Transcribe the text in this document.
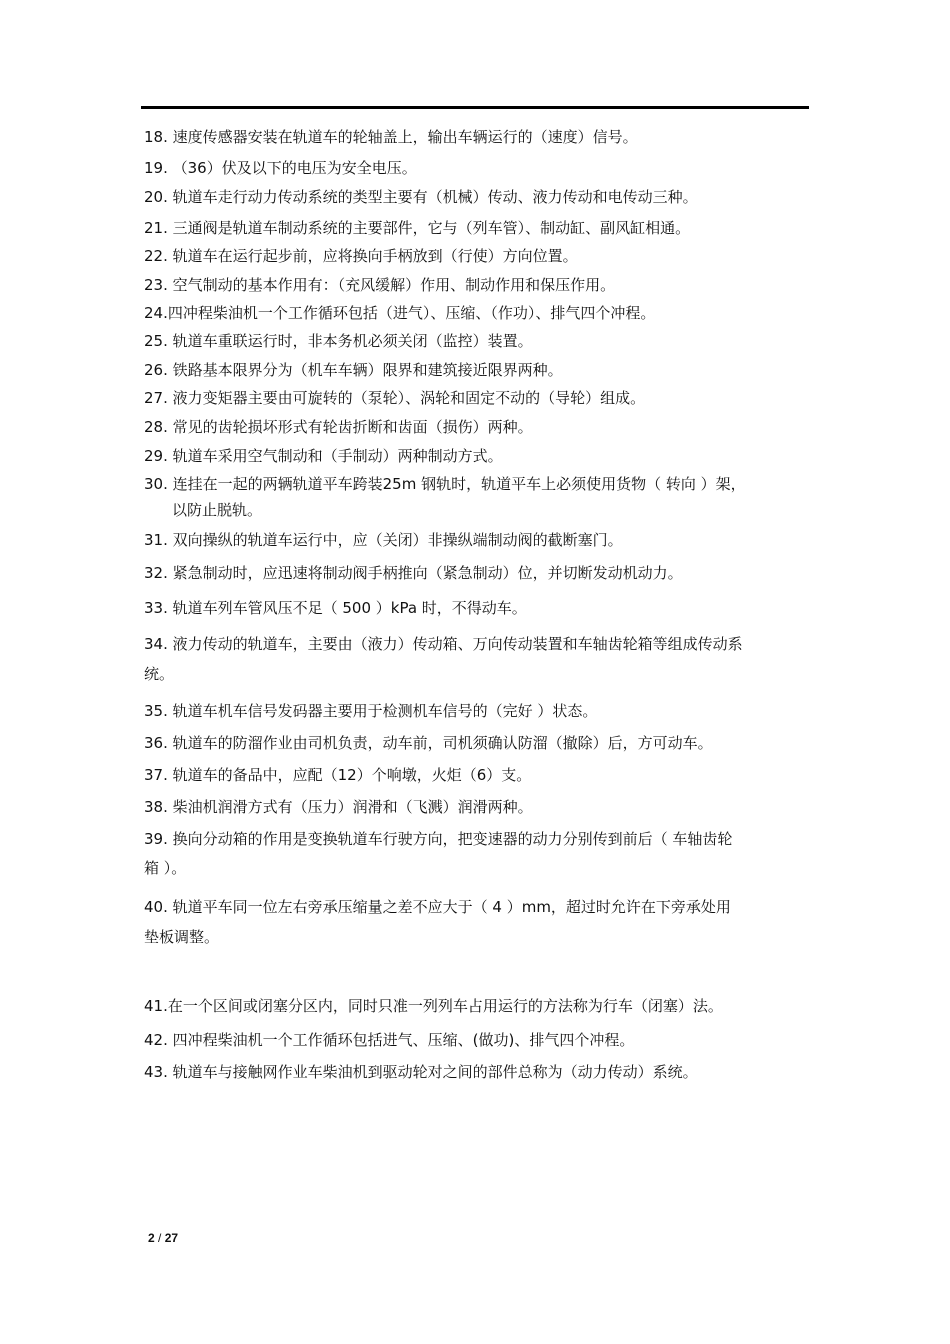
18. 速度传感器安装在轨道车的轮轴盖上，输出车辆运行的（速度）信号。
19. （36）伏及以下的电压为安全电压。
20. 轨道车走行动力传动系统的类型主要有（机械）传动、液力传动和电传动三种。
21. 三通阀是轨道车制动系统的主要部件，它与（列车管）、制动缸、副风缸相通。
22. 轨道车在运行起步前，应将换向手柄放到（行使）方向位置。
23. 空气制动的基本作用有：（充风缓解）作用、制动作用和保压作用。
24.四冲程柴油机一个工作循环包括（进气）、压缩、（作功）、排气四个冲程。
25. 轨道车重联运行时，非本务机必须关闭（监控）装置。
26. 铁路基本限界分为（机车车辆）限界和建筑接近限界两种。
27. 液力变矩器主要由可旋转的（泵轮）、涡轮和固定不动的（导轮）组成。
28. 常见的齿轮损坏形式有轮齿折断和齿面（损伤）两种。
29. 轨道车采用空气制动和（手制动）两种制动方式。
30. 连挂在一起的两辆轨道平车跨装25m 钢轨时，轨道平车上必须使用货物（ 转向 ）架，
以防止脱轨。
31. 双向操纵的轨道车运行中，应（关闭）非操纵端制动阀的截断塞门。
32. 紧急制动时，应迅速将制动阀手柄推向（紧急制动）位，并切断发动机动力。
33. 轨道车列车管风压不足（ 500 ）kPa 时，不得动车。
34. 液力传动的轨道车，主要由（液力）传动箱、万向传动装置和车轴齿轮箱等组成传动系
统。
35. 轨道车机车信号发码器主要用于检测机车信号的（完好 ）状态。
36. 轨道车的防溜作业由司机负责，动车前，司机须确认防溜（撤除）后，方可动车。
37. 轨道车的备品中，应配（12）个响墩，火炬（6）支。
38. 柴油机润滑方式有（压力）润滑和（飞溅）润滑两种。
39. 换向分动箱的作用是变换轨道车行驶方向，把变速器的动力分别传到前后（ 车轴齿轮
箱 ）。
40. 轨道平车同一位左右旁承压缩量之差不应大于（ 4 ）mm，超过时允许在下旁承处用
垫板调整。
41.在一个区间或闭塞分区内，同时只准一列列车占用运行的方法称为行车（闭塞）法。
42. 四冲程柴油机一个工作循环包括进气、压缩、(做功)、排气四个冲程。
43. 轨道车与接触网作业车柴油机到驱动轮对之间的部件总称为（动力传动）系统。
2 / 27
